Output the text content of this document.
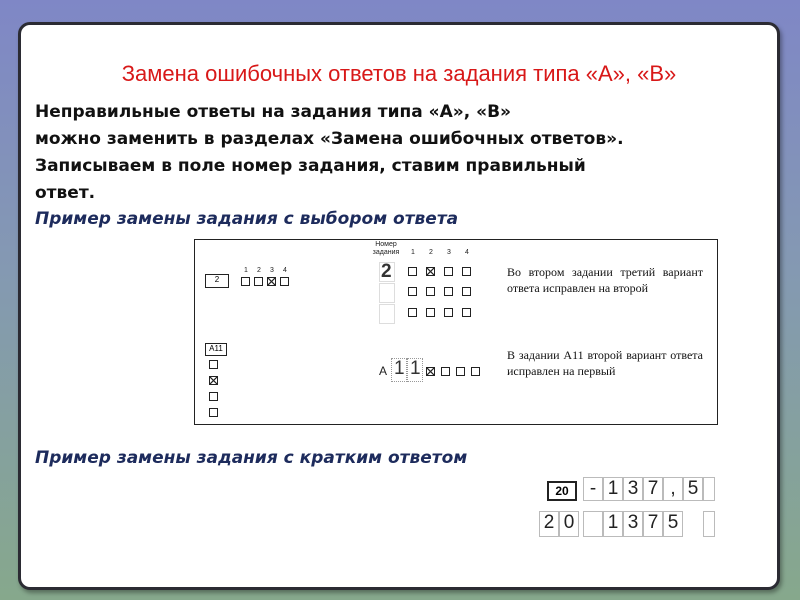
Замена ошибочных ответов на задания типа «А», «В»
Неправильные ответы на задания типа «А», «В»
можно заменить в разделах «Замена ошибочных ответов».
Записываем в поле номер задания, ставим правильный
ответ.
Пример замены задания с выбором ответа
2
1	2	3	4
Номер задания	1	2	3	4
2	Во втором задании третий вариант ответа исправлен на второй
А11
А 1 1
В задании А11 второй вариант ответа исправлен на первый
Пример замены задания с кратким ответом
20	- 1 3 7 , 5
2 0 1 3 7 5
